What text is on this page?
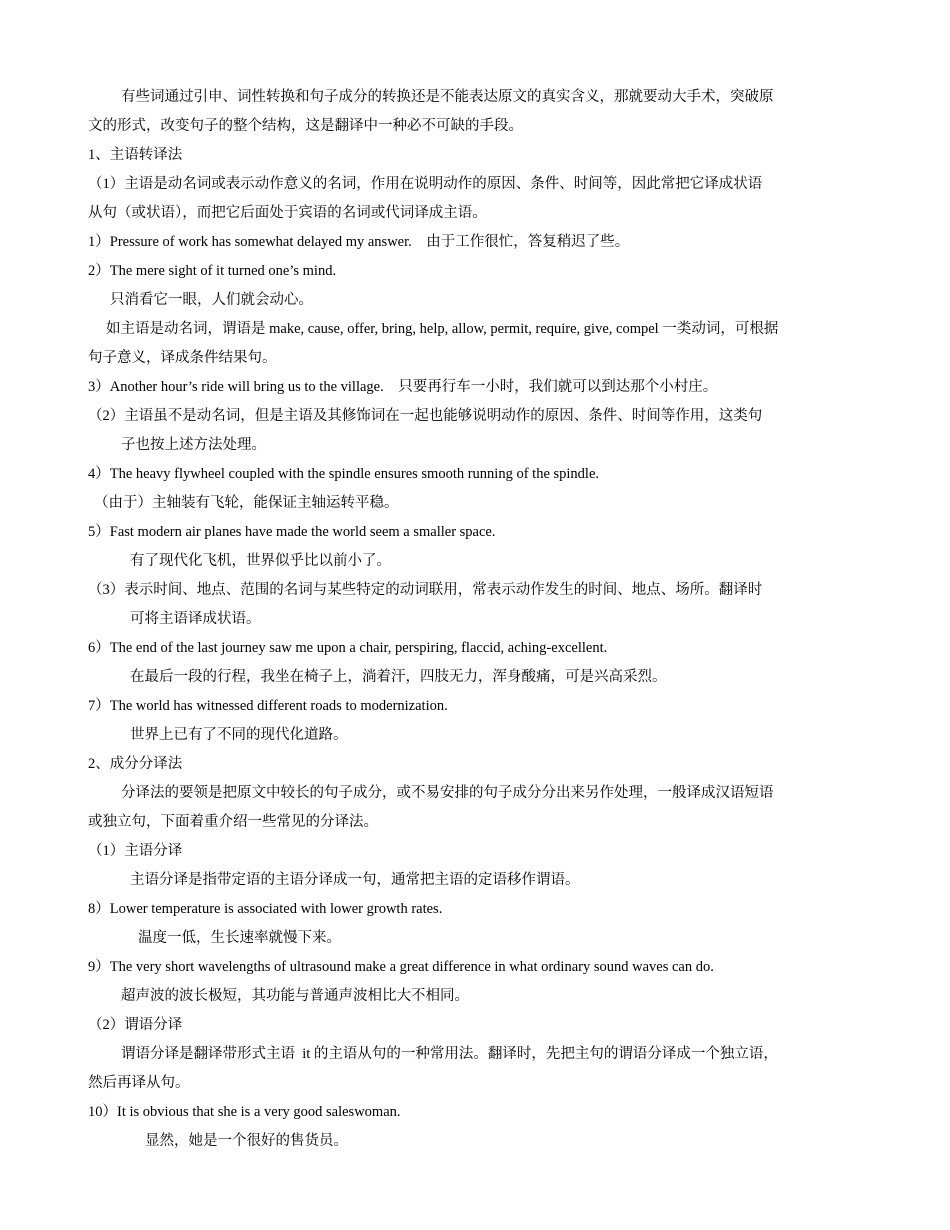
有些词通过引申、词性转换和句子成分的转换还是不能表达原文的真实含义，那就要动大手术，突破原
文的形式，改变句子的整个结构，这是翻译中一种必不可缺的手段。
1、主语转译法
（1）主语是动名词或表示动作意义的名词，作用在说明动作的原因、条件、时间等，因此常把它译成状语
从句（或状语），而把它后面处于宾语的名词或代词译成主语。
1）Pressure of work has somewhat delayed my answer.    由于工作很忙，答复稍迟了些。
2）The mere sight of it turned one’s mind.
只消看它一眼，人们就会动心。
如主语是动名词，谓语是 make, cause, offer, bring, help, allow, permit, require, give, compel 一类动词，可根据
句子意义，译成条件结果句。
3）Another hour’s ride will bring us to the village.    只要再行车一小时，我们就可以到达那个小村庄。
（2）主语虽不是动名词，但是主语及其修饰词在一起也能够说明动作的原因、条件、时间等作用，这类句
子也按上述方法处理。
4）The heavy flywheel coupled with the spindle ensures smooth running of the spindle.
（由于）主轴装有飞轮，能保证主轴运转平稳。
5）Fast modern air planes have made the world seem a smaller space.
有了现代化飞机，世界似乎比以前小了。
（3）表示时间、地点、范围的名词与某些特定的动词联用，常表示动作发生的时间、地点、场所。翻译时
可将主语译成状语。
6）The end of the last journey saw me upon a chair, perspiring, flaccid, aching-excellent.
在最后一段的行程，我坐在椅子上，淌着汗，四肢无力，浑身酸痛，可是兴高采烈。
7）The world has witnessed different roads to modernization.
世界上已有了不同的现代化道路。
2、成分分译法
分译法的要领是把原文中较长的句子成分，或不易安排的句子成分分出来另作处理，一般译成汉语短语
或独立句，下面着重介绍一些常见的分译法。
（1）主语分译
主语分译是指带定语的主语分译成一句，通常把主语的定语移作谓语。
8）Lower temperature is associated with lower growth rates.
温度一低，生长速率就慢下来。
9）The very short wavelengths of ultrasound make a great difference in what ordinary sound waves can do.
超声波的波长极短，其功能与普通声波相比大不相同。
（2）谓语分译
谓语分译是翻译带形式主语  it 的主语从句的一种常用法。翻译时，先把主句的谓语分译成一个独立语，
然后再译从句。
10）It is obvious that she is a very good saleswoman.
显然，她是一个很好的售货员。
